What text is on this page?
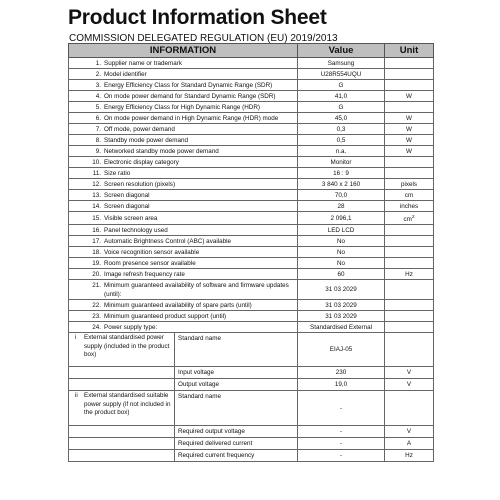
Product Information Sheet
COMMISSION DELEGATED REGULATION (EU) 2019/2013
INFORMATION	Value	Unit
1. Supplier name or trademark	Samsung	
2. Model identifier	U28R554UQU	
3. Energy Efficiency Class for Standard Dynamic Range (SDR)	G	
4. On mode power demand for Standard Dynamic Range (SDR)	41,0	W
5. Energy Efficiency Class for High Dynamic Range (HDR)	G	
6. On mode power demand in High Dynamic Range (HDR) mode	45,0	W
7. Off mode, power demand	0,3	W
8. Standby mode power demand	0,5	W
9. Networked standby mode power demand	n.a.	W
10. Electronic display category	Monitor	
11. Size ratio	16 : 9	
12. Screen resolution (pixels)	3 840 x 2 160	pixels
13. Screen diagonal	70,0	cm
14. Screen diagonal	28	inches
15. Visible screen area	2 096,1	$cm^2$
16. Panel technology used	LED LCD	
17. Automatic Brightness Control (ABC) available	No	
18. Voice recognition sensor available	No	
19. Room presence sensor available	No	
20. Image refresh frequency rate	60	Hz
21. Minimum guaranteed availability of software and firmware updates (until):	31 03 2029	
22. Minimum guaranteed availability of spare parts (until)	31 03 2029	
23. Minimum guaranteed product support (until)	31 03 2029	
24. Power supply type:	Standardised External	

i External standardised power supply (included in the product box)
Standard name	EIAJ-05	

Input voltage	230	V

Output voltage	19,0	V

ii External standardised suitable power supply (if not included in the product box)
Standard name	-	

Required output voltage	-	V

Required delivered current	-	A

Required current frequency	-	Hz
